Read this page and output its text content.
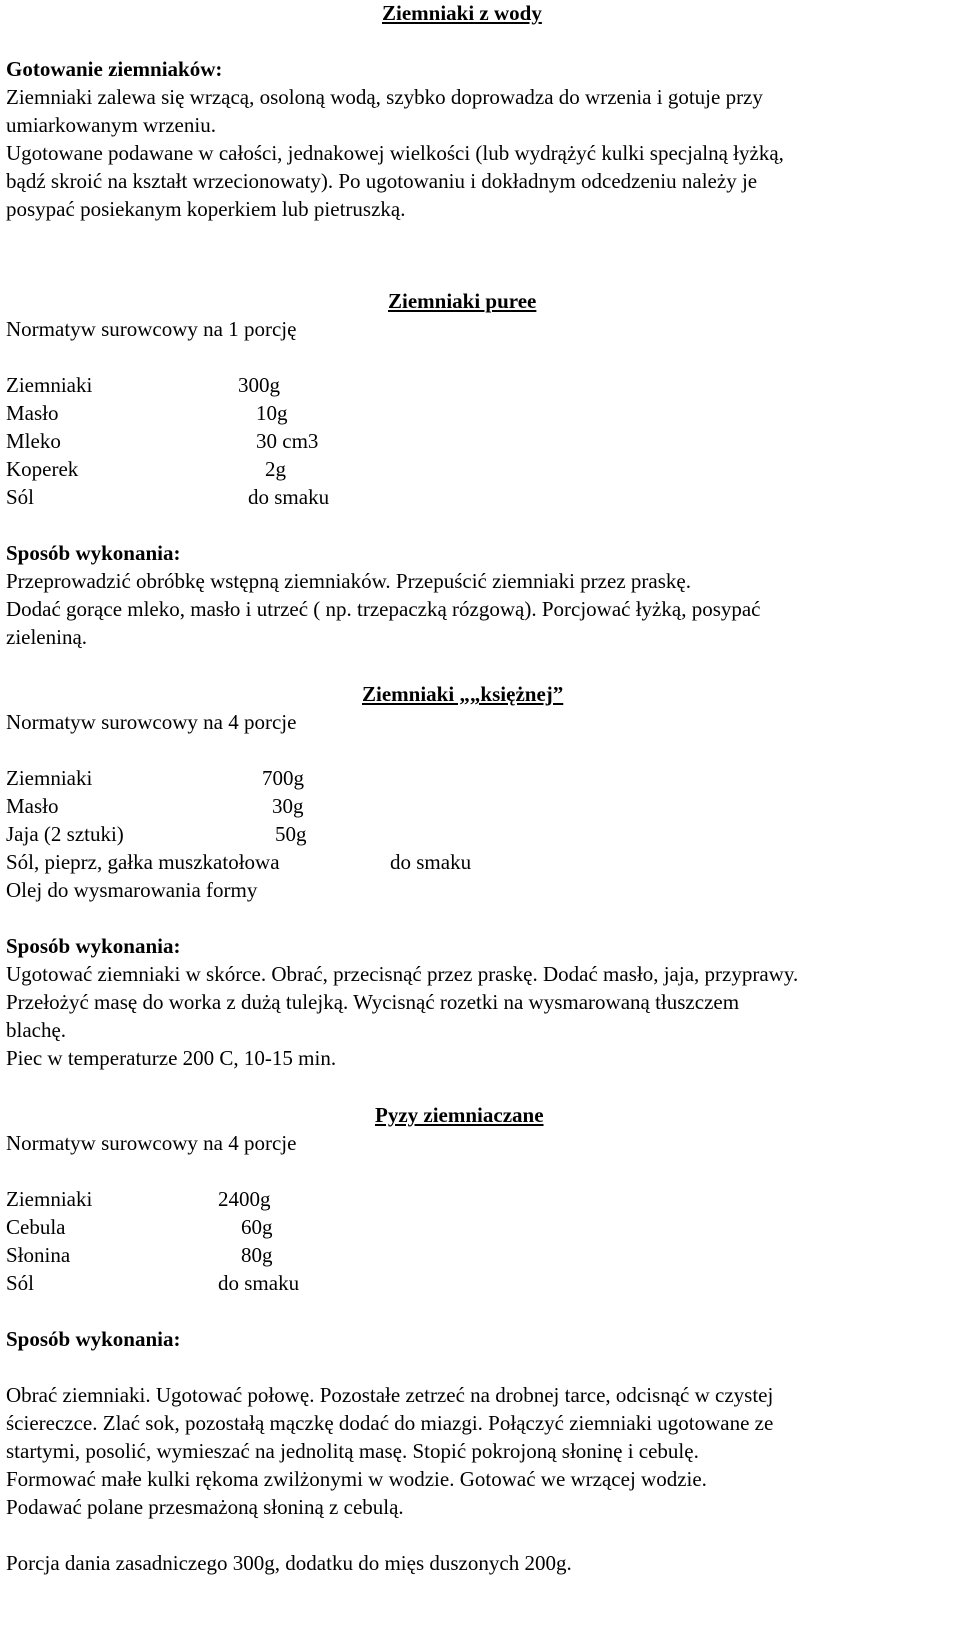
Ziemniaki z wody
Gotowanie ziemniaków:
Ziemniaki zalewa się wrzącą, osoloną wodą, szybko doprowadza do wrzenia i gotuje przy
umiarkowanym wrzeniu.
Ugotowane podawane w całości, jednakowej wielkości (lub wydrążyć kulki specjalną łyżką,
bądź skroić na kształt wrzecionowaty). Po ugotowaniu i dokładnym odcedzeniu należy je
posypać posiekanym koperkiem lub pietruszką.
Ziemniaki puree
Normatyw surowcowy na 1 porcję
Ziemniaki	300g
Masło	10g
Mleko	30 cm3
Koperek	2g
Sól	do smaku
Sposób wykonania:
Przeprowadzić obróbkę wstępną ziemniaków. Przepuścić ziemniaki przez praskę.
Dodać gorące mleko, masło i utrzeć ( np. trzepaczką rózgową). Porcjować łyżką, posypać
zieleniną.
Ziemniaki „„księżnej”
Normatyw surowcowy na 4 porcje
Ziemniaki	700g
Masło	30g
Jaja (2 sztuki)	50g
Sól, pieprz, gałka muszkatołowa	do smaku
Olej do wysmarowania formy
Sposób wykonania:
Ugotować ziemniaki w skórce. Obrać, przecisnąć przez praskę. Dodać masło, jaja, przyprawy.
Przełożyć masę do worka z dużą tulejką. Wycisnąć rozetki na wysmarowaną tłuszczem
blachę.
Piec w temperaturze 200 C, 10-15 min.
Pyzy ziemniaczane
Normatyw surowcowy na 4 porcje
Ziemniaki	2400g
Cebula	60g
Słonina	80g
Sól	do smaku
Sposób wykonania:
Obrać ziemniaki. Ugotować połowę. Pozostałe zetrzeć na drobnej tarce, odcisnąć w czystej
ściereczce. Zlać sok, pozostałą mączkę dodać do miazgi. Połączyć ziemniaki ugotowane ze
startymi, posolić, wymieszać na jednolitą masę. Stopić pokrojoną słoninę i cebulę.
Formować małe kulki rękoma zwilżonymi w wodzie. Gotować we wrzącej wodzie.
Podawać polane przesmażoną słoniną z cebulą.
Porcja dania zasadniczego 300g, dodatku do mięs duszonych 200g.
